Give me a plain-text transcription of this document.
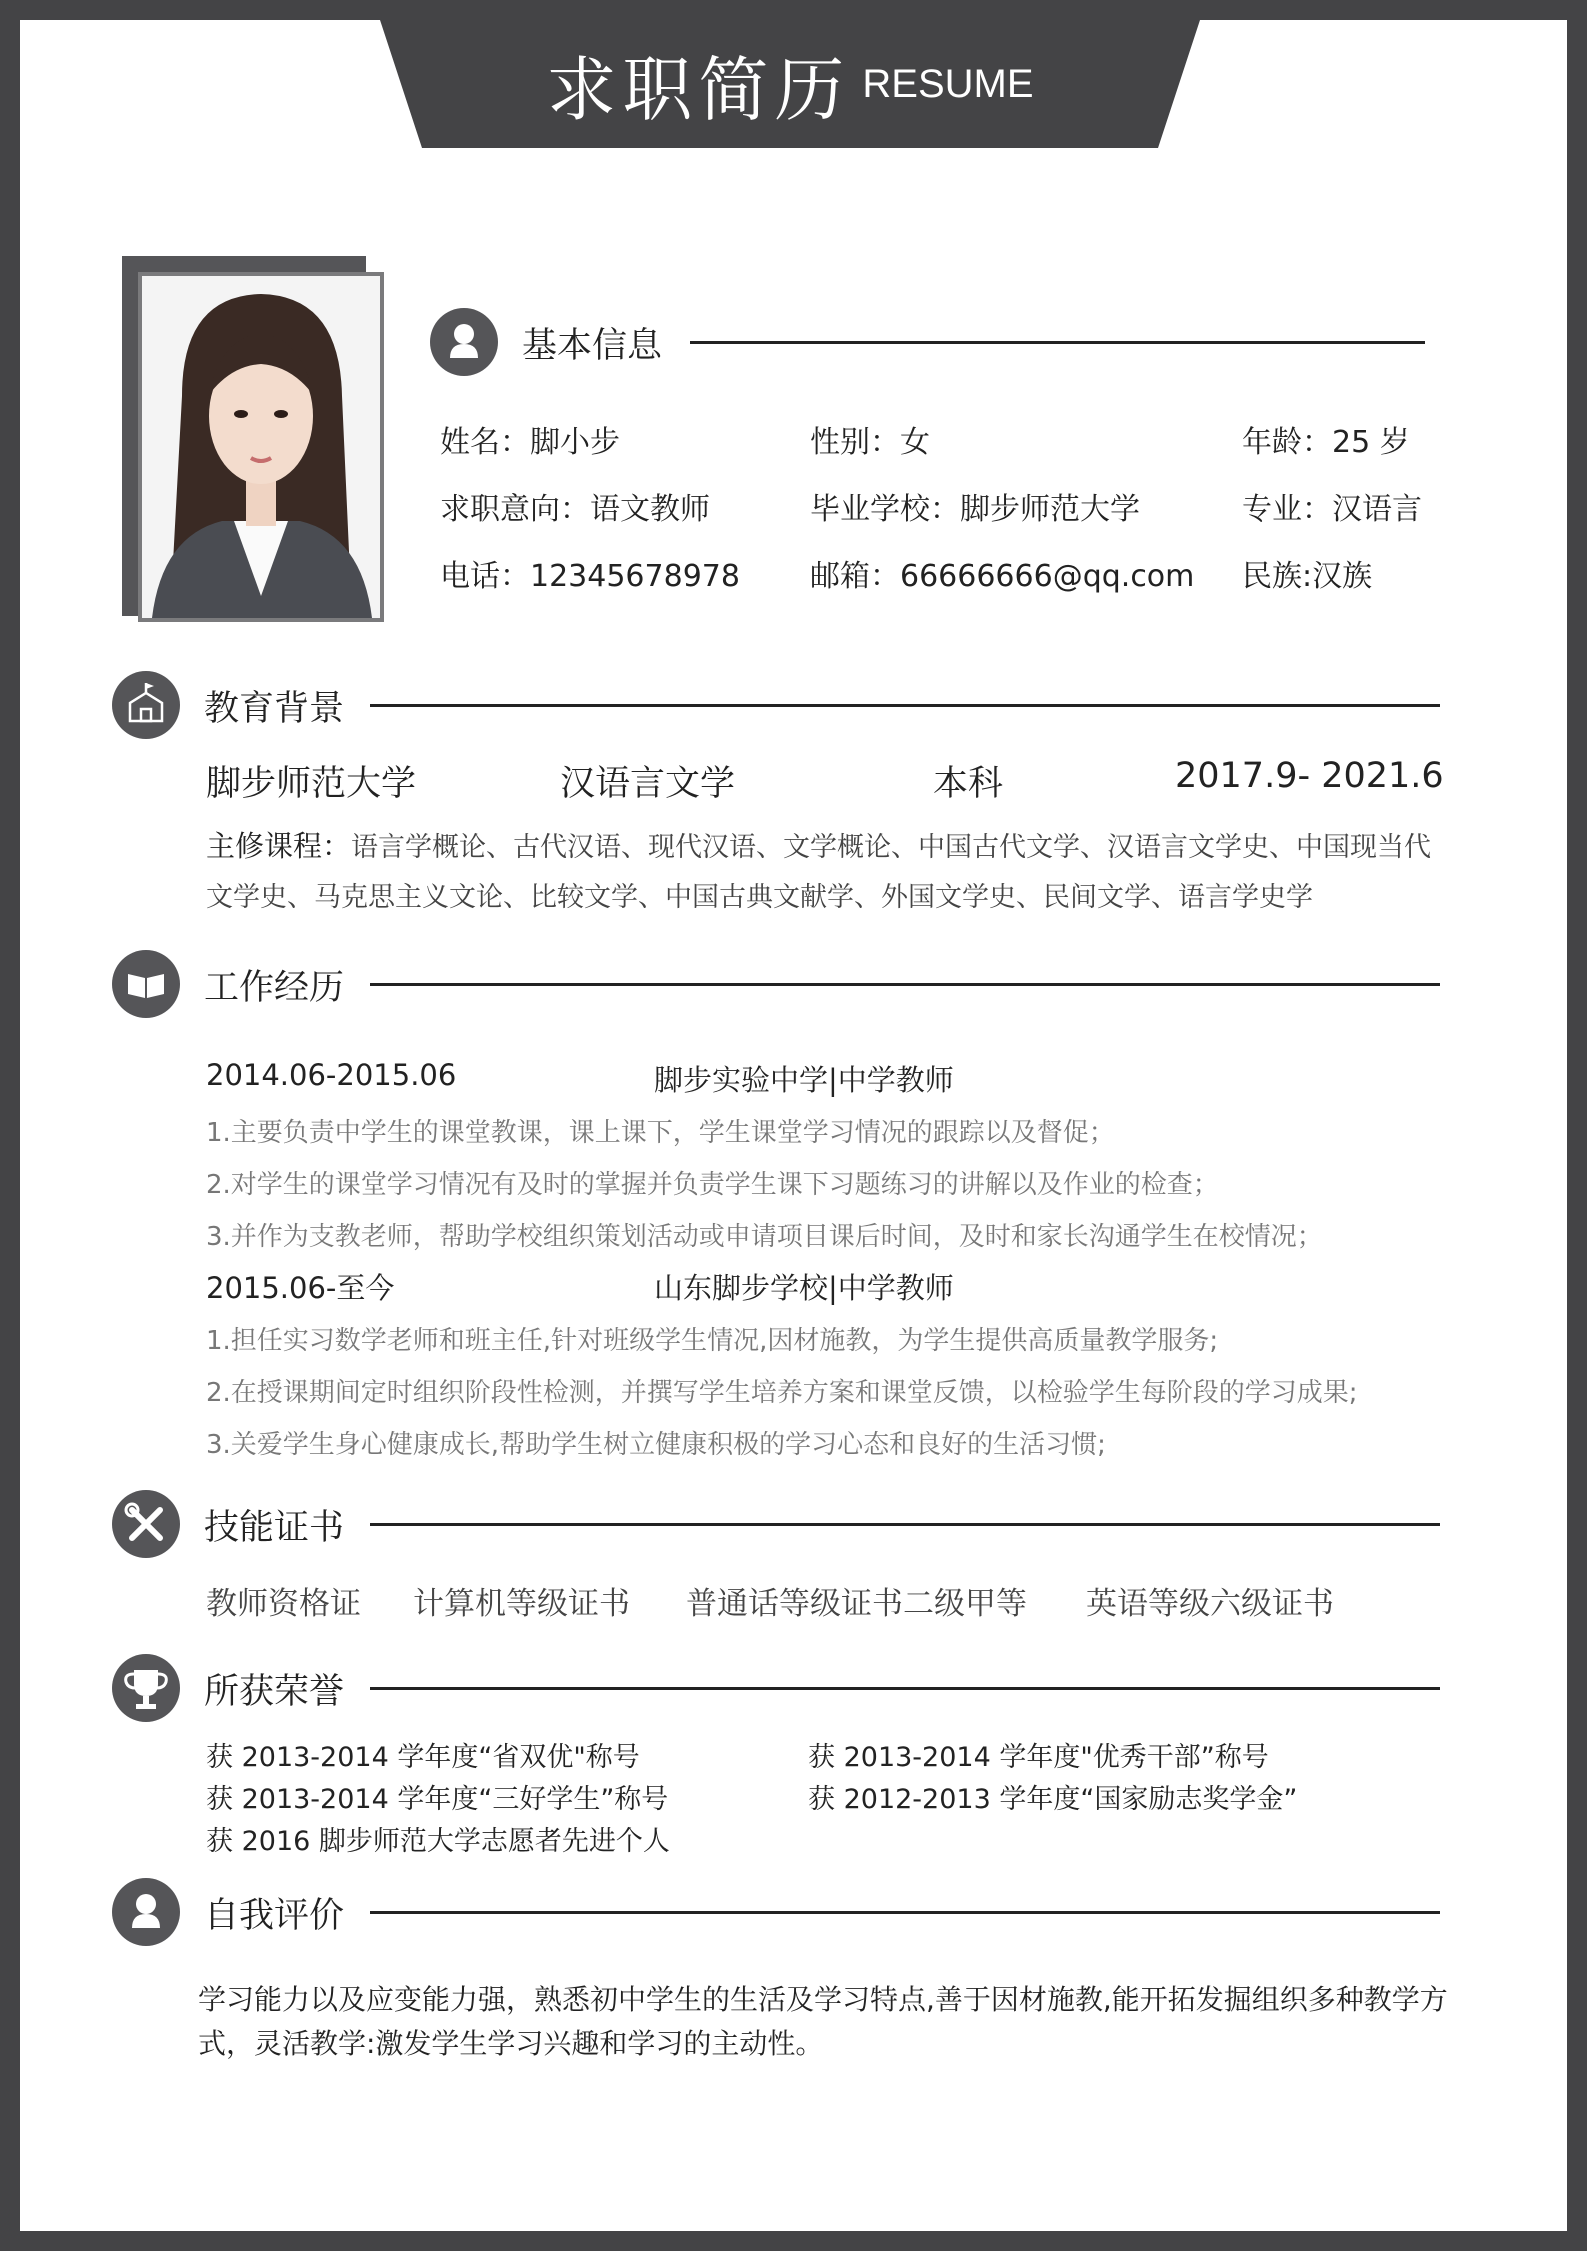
求职简历 RESUME
基本信息
姓名：脚小步	性别：女	年龄：25 岁
求职意向：语文教师	毕业学校：脚步师范大学	专业：汉语言
电话：12345678978 邮箱：66666666@qq.com 民族:汉族
教育背景
脚步师范大学	汉语言文学	本科	2017.9- 2021.6
主修课程：语言学概论、古代汉语、现代汉语、文学概论、中国古代文学、汉语言文学史、中国现当代文学史、马克思主义文论、比较文学、中国古典文献学、外国文学史、民间文学、语言学史学
工作经历
2014.06-2015.06	脚步实验中学|中学教师
1.主要负责中学生的课堂教课，课上课下，学生课堂学习情况的跟踪以及督促；
2.对学生的课堂学习情况有及时的掌握并负责学生课下习题练习的讲解以及作业的检查；
3.并作为支教老师，帮助学校组织策划活动或申请项目课后时间，及时和家长沟通学生在校情况；
2015.06-至今	山东脚步学校|中学教师
1.担任实习数学老师和班主任,针对班级学生情况,因材施教，为学生提供高质量教学服务;
2.在授课期间定时组织阶段性检测，并撰写学生培养方案和课堂反馈，以检验学生每阶段的学习成果;
3.关爱学生身心健康成长,帮助学生树立健康积极的学习心态和良好的生活习惯;
技能证书
教师资格证 计算机等级证书 普通话等级证书二级甲等 英语等级六级证书
所获荣誉
获 2013-2014 学年度“省双优"称号	获 2013-2014 学年度"优秀干部”称号
获 2013-2014 学年度“三好学生”称号	获 2012-2013 学年度“国家励志奖学金”
获 2016 脚步师范大学志愿者先进个人
自我评价
学习能力以及应变能力强，熟悉初中学生的生活及学习特点,善于因材施教,能开拓发掘组织多种教学方式，灵活教学:激发学生学习兴趣和学习的主动性。
